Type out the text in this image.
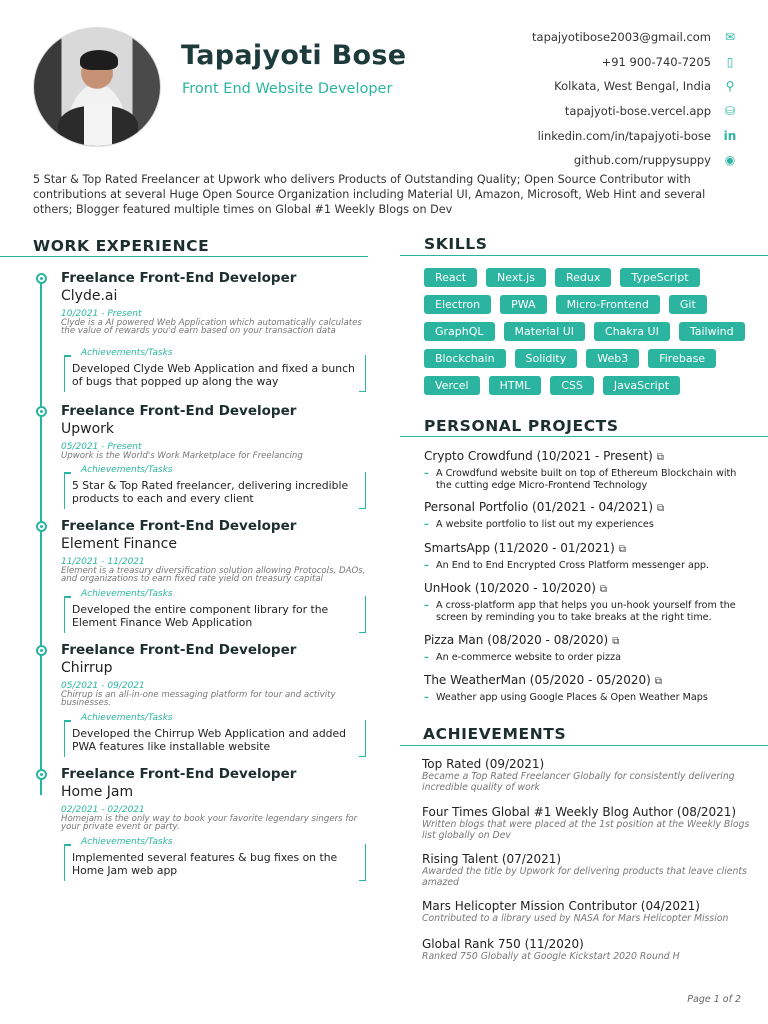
Tapajyoti Bose
Front End Website Developer
tapajyotibose2003@gmail.com ✉
+91 900-740-7205	▯
Kolkata, West Bengal, India ⚲
tapajyoti-bose.vercel.app ⛁
linkedin.com/in/tapajyoti-bose in
github.com/ruppysuppy ◉
5 Star & Top Rated Freelancer at Upwork who delivers Products of Outstanding Quality; Open Source Contributor with contributions at several Huge Open Source Organization including Material UI, Amazon, Microsoft, Web Hint and several others; Blogger featured multiple times on Global #1 Weekly Blogs on Dev
WORK EXPERIENCE
Freelance Front-End Developer
Clyde.ai
10/2021 - Present
Clyde is a AI powered Web Application which automatically calculates the value of rewards you'd earn based on your transaction data
Achievements/Tasks
Developed Clyde Web Application and fixed a bunch of bugs that popped up along the way
Freelance Front-End Developer
Upwork
05/2021 - Present
Upwork is the World's Work Marketplace for Freelancing
Achievements/Tasks
5 Star & Top Rated freelancer, delivering incredible products to each and every client
Freelance Front-End Developer
Element Finance
11/2021 - 11/2021
Element is a treasury diversification solution allowing Protocols, DAOs, and organizations to earn fixed rate yield on treasury capital
Achievements/Tasks
Developed the entire component library for the Element Finance Web Application
Freelance Front-End Developer
Chirrup
05/2021 - 09/2021
Chirrup is an all-in-one messaging platform for tour and activity businesses.
Achievements/Tasks
Developed the Chirrup Web Application and added PWA features like installable website
Freelance Front-End Developer
Home Jam
02/2021 - 02/2021
Homejam is the only way to book your favorite legendary singers for your private event or party.
Achievements/Tasks
Implemented several features & bug fixes on the Home Jam web app
SKILLS
React	Next.js	Redux	TypeScript
Electron	PWA	Micro-Frontend	Git
GraphQL	Material UI	Chakra UI	Tailwind
Blockchain	Solidity	Web3	Firebase
Vercel	HTML	CSS	JavaScript
PERSONAL PROJECTS
Crypto Crowdfund (10/2021 - Present) ⧉
– A Crowdfund website built on top of Ethereum Blockchain with the cutting edge Micro-Frontend Technology
Personal Portfolio (01/2021 - 04/2021) ⧉
– A website portfolio to list out my experiences
SmartsApp (11/2020 - 01/2021) ⧉
– An End to End Encrypted Cross Platform messenger app.
UnHook (10/2020 - 10/2020) ⧉
– A cross-platform app that helps you un-hook yourself from the screen by reminding you to take breaks at the right time.
Pizza Man (08/2020 - 08/2020) ⧉
– An e-commerce website to order pizza
The WeatherMan (05/2020 - 05/2020) ⧉
– Weather app using Google Places & Open Weather Maps
ACHIEVEMENTS
Top Rated (09/2021)
Became a Top Rated Freelancer Globally for consistently delivering incredible quality of work
Four Times Global #1 Weekly Blog Author (08/2021)
Written blogs that were placed at the 1st position at the Weekly Blogs list globally on Dev
Rising Talent (07/2021)
Awarded the title by Upwork for delivering products that leave clients amazed
Mars Helicopter Mission Contributor (04/2021)
Contributed to a library used by NASA for Mars Helicopter Mission
Global Rank 750 (11/2020)
Ranked 750 Globally at Google Kickstart 2020 Round H
Page 1 of 2
